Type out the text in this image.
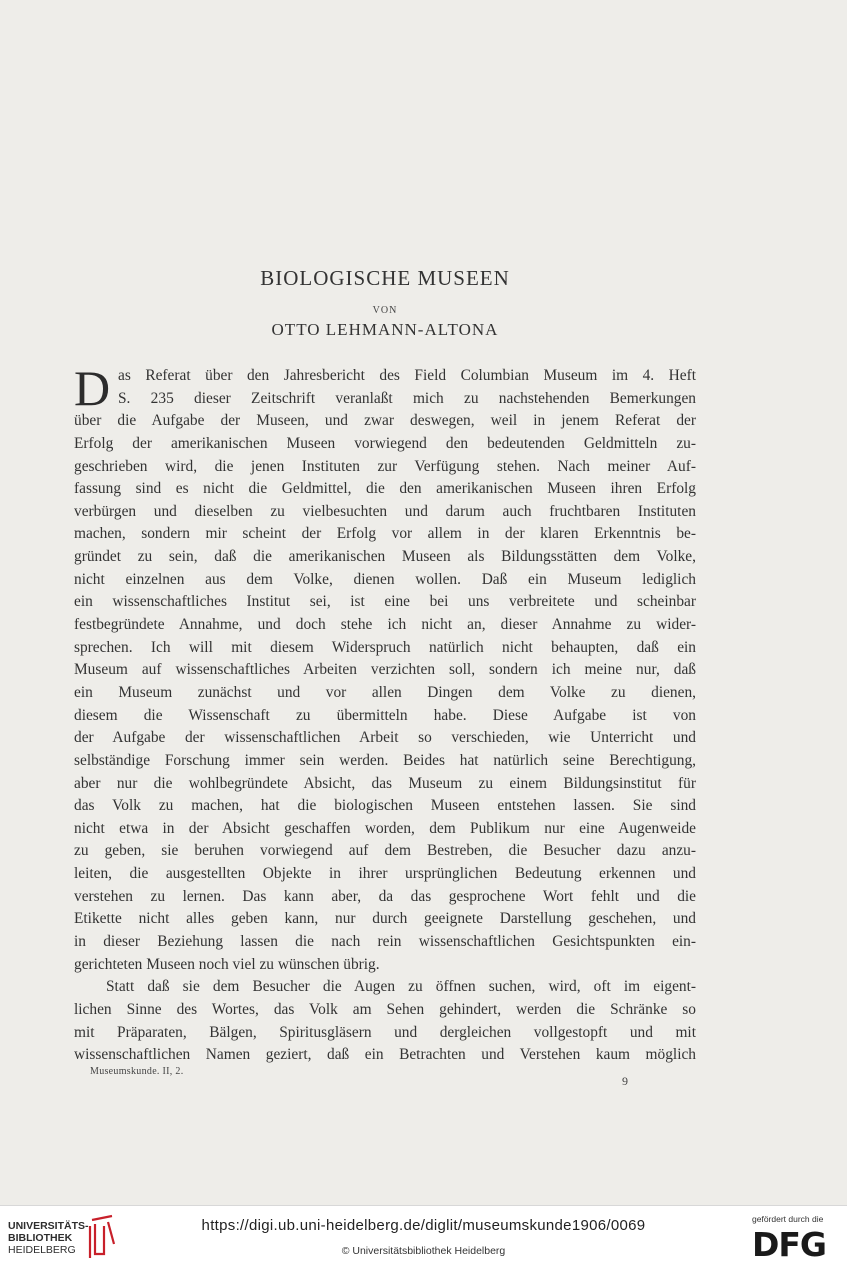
BIOLOGISCHE MUSEEN
VON
OTTO LEHMANN-ALTONA
D as Referat über den Jahresbericht des Field Columbian Museum im 4. Heft
S. 235 dieser Zeitschrift veranlaßt mich zu nachstehenden Bemerkungen
über die Aufgabe der Museen, und zwar deswegen, weil in jenem Referat der
Erfolg der amerikanischen Museen vorwiegend den bedeutenden Geldmitteln zu-
geschrieben wird, die jenen Instituten zur Verfügung stehen. Nach meiner Auf-
fassung sind es nicht die Geldmittel, die den amerikanischen Museen ihren Erfolg
verbürgen und dieselben zu vielbesuchten und darum auch fruchtbaren Instituten
machen, sondern mir scheint der Erfolg vor allem in der klaren Erkenntnis be-
gründet zu sein, daß die amerikanischen Museen als Bildungsstätten dem Volke,
nicht einzelnen aus dem Volke, dienen wollen. Daß ein Museum lediglich
ein wissenschaftliches Institut sei, ist eine bei uns verbreitete und scheinbar
festbegründete Annahme, und doch stehe ich nicht an, dieser Annahme zu wider-
sprechen. Ich will mit diesem Widerspruch natürlich nicht behaupten, daß ein
Museum auf wissenschaftliches Arbeiten verzichten soll, sondern ich meine nur, daß
ein Museum zunächst und vor allen Dingen dem Volke zu dienen,
diesem die Wissenschaft zu übermitteln habe. Diese Aufgabe ist von
der Aufgabe der wissenschaftlichen Arbeit so verschieden, wie Unterricht und
selbständige Forschung immer sein werden. Beides hat natürlich seine Berechtigung,
aber nur die wohlbegründete Absicht, das Museum zu einem Bildungsinstitut für
das Volk zu machen, hat die biologischen Museen entstehen lassen. Sie sind
nicht etwa in der Absicht geschaffen worden, dem Publikum nur eine Augenweide
zu geben, sie beruhen vorwiegend auf dem Bestreben, die Besucher dazu anzu-
leiten, die ausgestellten Objekte in ihrer ursprünglichen Bedeutung erkennen und
verstehen zu lernen. Das kann aber, da das gesprochene Wort fehlt und die
Etikette nicht alles geben kann, nur durch geeignete Darstellung geschehen, und
in dieser Beziehung lassen die nach rein wissenschaftlichen Gesichtspunkten ein-
gerichteten Museen noch viel zu wünschen übrig.
Statt daß sie dem Besucher die Augen zu öffnen suchen, wird, oft im eigent-
lichen Sinne des Wortes, das Volk am Sehen gehindert, werden die Schränke so
mit Präparaten, Bälgen, Spiritusgläsern und dergleichen vollgestopft und mit
wissenschaftlichen Namen geziert, daß ein Betrachten und Verstehen kaum möglich
Museumskunde. II, 2.
9
UNIVERSITÄTS-
BIBLIOTHEK
HEIDELBERG
https://digi.ub.uni-heidelberg.de/diglit/museumskunde1906/0069
© Universitätsbibliothek Heidelberg
gefördert durch die
DFG
